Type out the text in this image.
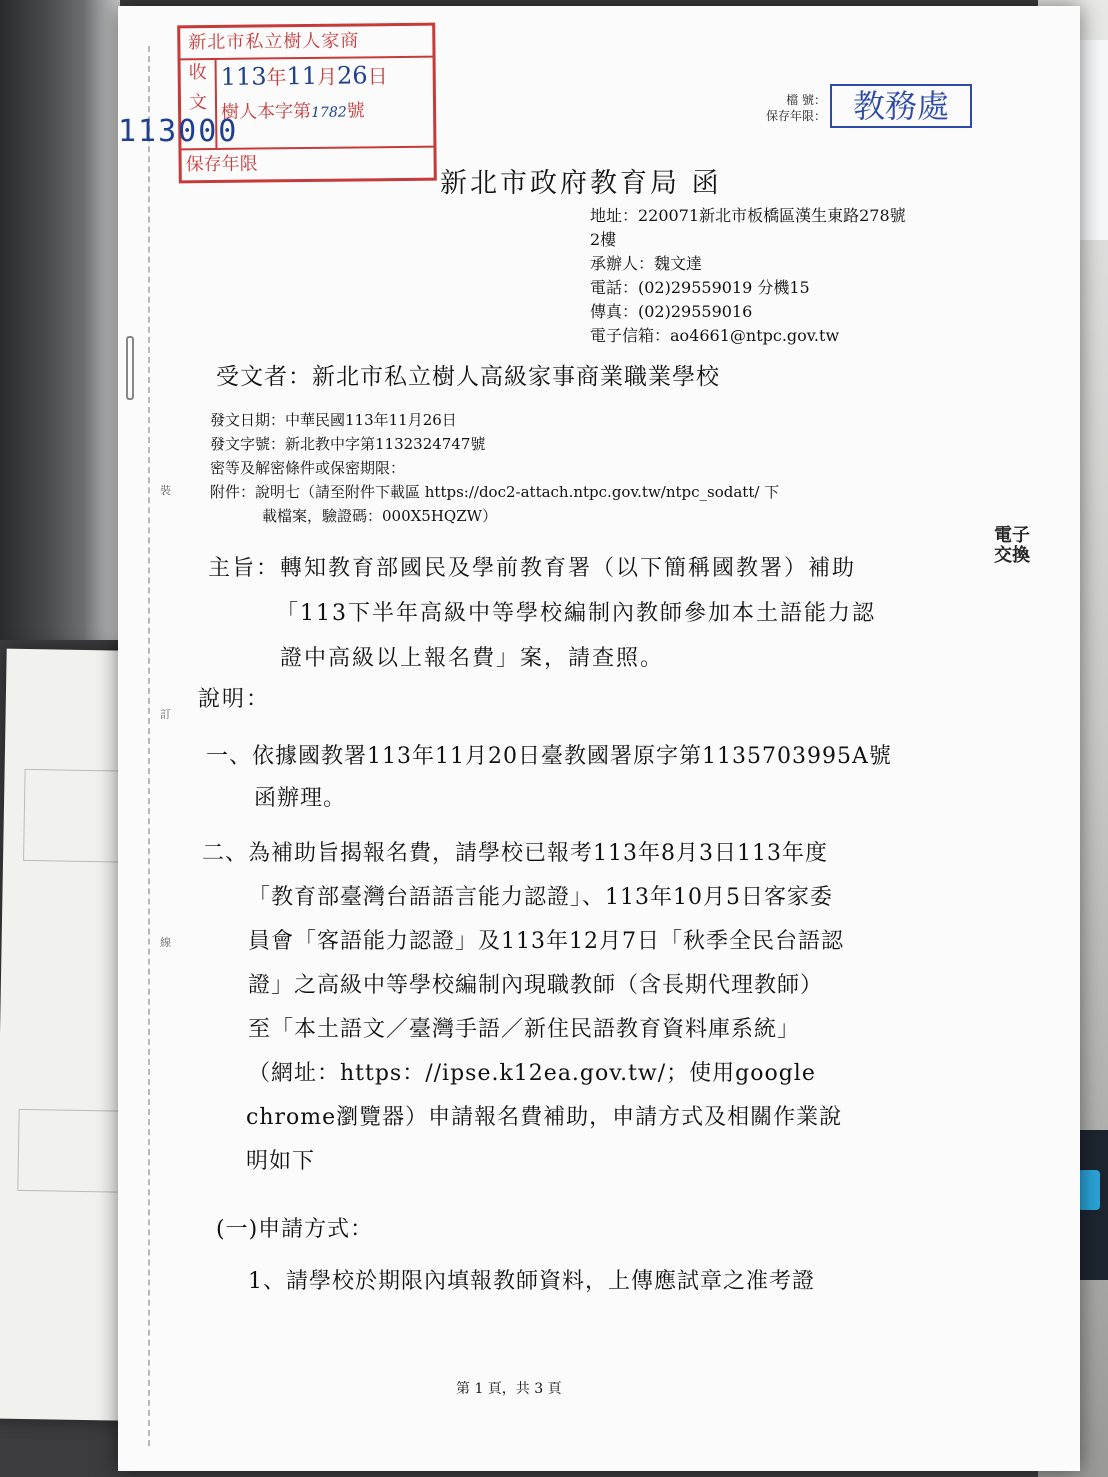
裝
訂
線
新北市私立樹人家商
收
文
113年11月26日
樹人本字第1782號
保存年限
113000
檔 號：
保存年限： 教務處
新北市政府教育局 函
地址：220071新北市板橋區漢生東路278號
2樓
承辦人：魏文達
電話：(02)29559019 分機15
傳真：(02)29559016
電子信箱：ao4661@ntpc.gov.tw
受文者：新北市私立樹人高級家事商業職業學校
發文日期：中華民國113年11月26日
發文字號：新北教中字第1132324747號
密等及解密條件或保密期限：
附件：說明七（請至附件下載區 https://doc2-attach.ntpc.gov.tw/ntpc_sodatt/ 下
載檔案，驗證碼：000X5HQZW）
主旨：轉知教育部國民及學前教育署（以下簡稱國教署）補助
「113下半年高級中等學校編制內教師參加本土語能力認
證中高級以上報名費」案，請查照。
說明：
一、依據國教署113年11月20日臺教國署原字第1135703995A號
函辦理。
二、為補助旨揭報名費，請學校已報考113年8月3日113年度
「教育部臺灣台語語言能力認證」、113年10月5日客家委
員會「客語能力認證」及113年12月7日「秋季全民台語認
證」之高級中等學校編制內現職教師（含長期代理教師）
至「本土語文／臺灣手語／新住民語教育資料庫系統」
（網址：https：//ipse.k12ea.gov.tw/；使用google
chrome瀏覽器）申請報名費補助，申請方式及相關作業說
明如下
(一)申請方式：
1、請學校於期限內填報教師資料，上傳應試章之准考證
電子交換
第 1 頁，共 3 頁
